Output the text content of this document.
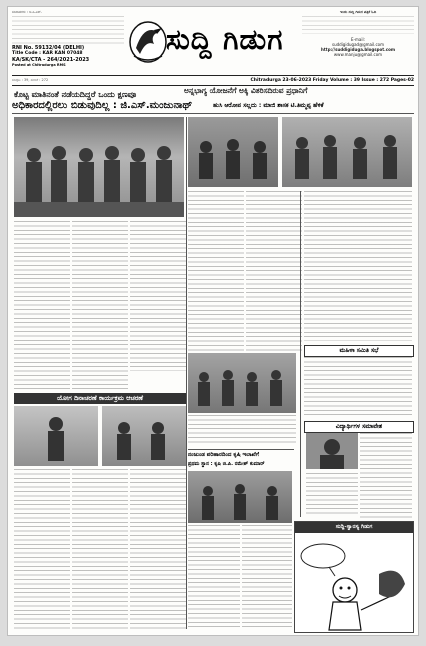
ಸಂಪಾದಕರು : ಬಿ.ಸಿ.ಎಸ್.
RNI No. 59132/04 (DELHI)
Title Code : KAR KAN 07048
KA/SK/CTA - 264/2021-2023
Posted at Chitradurga RMS
ಸುದ್ದಿ ಗಿಡುಗ
ಇಂದು ಸುದ್ದಿ ಗಿಡುಗ ಪತ್ರಿಕೆ ಓದಿ
E-mail:
suddigidugad@gmail.com
http://suddigiduga.blogspot.com
www.manju@gmail.com
ಸಂಪುಟ : 39, ಸಂಚಿಕೆ : 272	Chitradurga 23-06-2023 Friday Volume : 39 Issue : 272 Pages-02
ಕೊಟ್ಟ ಮಾತಿನಂತೆ ನಡೆಯದಿದ್ದರೆ ಒಂದು ಕ್ಷಣವೂ
ಅಧಿಕಾರದಲ್ಲಿರಲು ಬಿಡುವುದಿಲ್ಲ : ಜಿ.ಎಸ್.ಮಂಜುನಾಥ್
ಅನ್ನಭಾಗ್ಯ ಯೋಜನೆಗೆ ಅಕ್ಕಿ ವಿತರಿಸದಿರುವ ಪ್ರಧಾನಿಗೆ
ಹುಸಿ ಆರೋಪ ಸಲ್ಲದು : ಮಾಜಿ ಶಾಸಕ ಟಿ.ತಿಮ್ಮಪ್ಪ ಹೆಳಿಕೆ
ಮಹಿಳಾ ಸಮಿತಿ ಸಭೆ
ವಿದ್ಯಾರ್ಥಿಗಳ ಸಮಾವೇಶ
ಯೋಗ ದಿನಾಚರಣೆ ಕಾರ್ಯಕ್ರಮ ಆಚರಣೆ
ನಂಜುಂಡ ಪರಿಹಾರದಿಂದ ಕೃಷಿ ಇಲಾಖೆಗೆ
ಪ್ರಥಮ ಸ್ಥಾನ : ಕೃಷಿ ಜಿ.ಪಿ. ರಮೇಶ್ ಕುಮಾರ್
ಸುದ್ದಿ-ಸ್ವಾರಸ್ಯ ಗಿಡುಗ
